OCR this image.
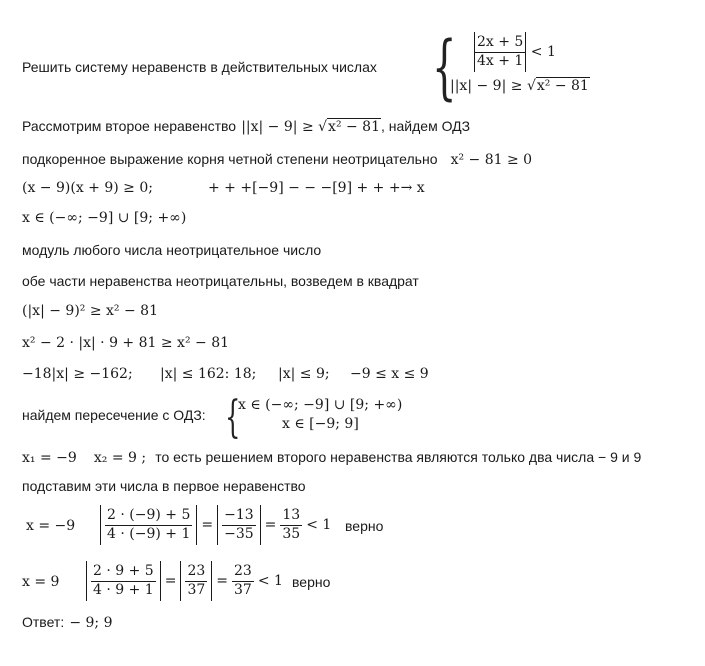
Решить систему неравенств в действительных числах { $\frac{2x + 5}{4x + 1} < 1$
||x| − 9| ≥ √x² − 81
Рассмотрим второе неравенство ||x| − 9| ≥ √x² − 81, найдем ОДЗ
подкоренное выражение корня четной степени неотрицательно x² − 81 ≥ 0
(x − 9)(x + 9) ≥ 0;	+ + +[−9] − − −[9] + + +→ x
x ∈ (−∞; −9] ∪ [9; +∞)
модуль любого числа неотрицательное число
обе части неравенства неотрицательны, возведем в квадрат
(|x| − 9)² ≥ x² − 81
x² − 2 · |x| · 9 + 81 ≥ x² − 81
−18|x| ≥ −162; |x| ≤ 162: 18; |x| ≤ 9; −9 ≤ x ≤ 9
найдем пересечение с ОДЗ: {
x ∈ (−∞; −9] ∪ [9; +∞)
x ∈ [−9; 9]
x₁ = −9 x₂ = 9 ; то есть решением второго неравенства являются только два числа − 9 и 9
подставим эти числа в первое неравенство
$x = -9 \frac{2 \cdot (-9) + 5}{4 \cdot (-9) + 1} = \frac{-13}{-35} = \frac{13}{35} < 1$ верно
$x = 9 \frac{2 \cdot 9 + 5}{4 \cdot 9 + 1} = \frac{23}{37} = \frac{23}{37} < 1$ верно
Ответ: − 9; 9
